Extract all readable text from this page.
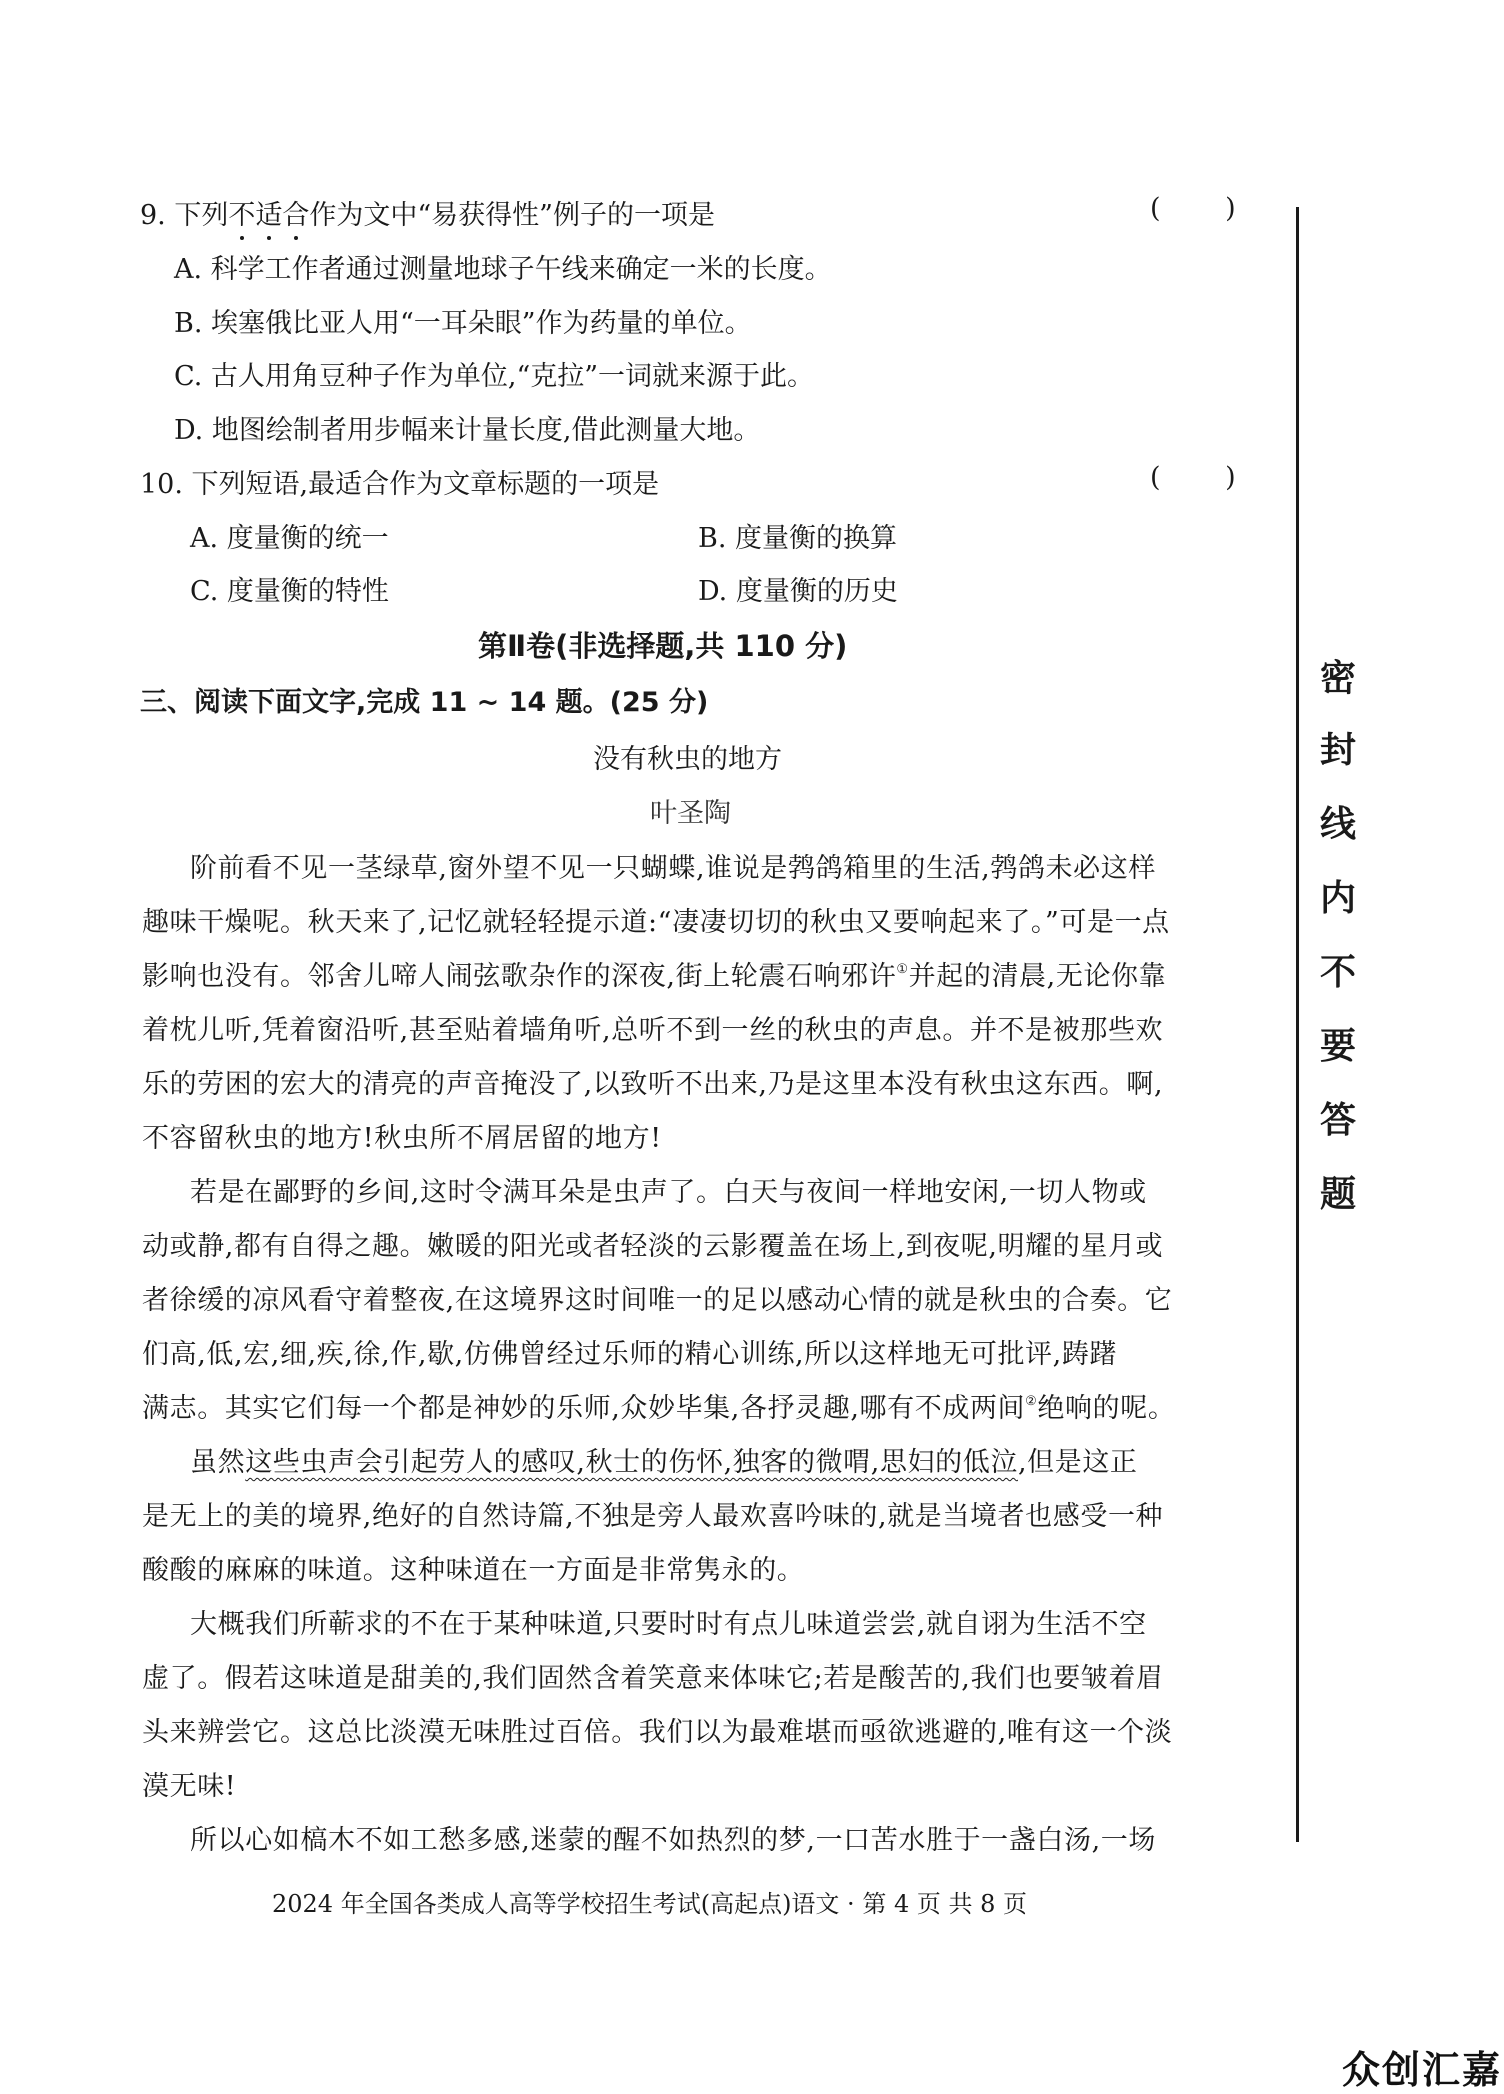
9. 下列不适合作为文中“易获得性”例子的一项是	( )
A. 科学工作者通过测量地球子午线来确定一米的长度。
B. 埃塞俄比亚人用“一耳朵眼”作为药量的单位。
C. 古人用角豆种子作为单位,“克拉”一词就来源于此。
D. 地图绘制者用步幅来计量长度,借此测量大地。
10. 下列短语,最适合作为文章标题的一项是	( )
A. 度量衡的统一	B. 度量衡的换算
C. 度量衡的特性	D. 度量衡的历史
第Ⅱ卷(非选择题,共 110 分)
三、阅读下面文字,完成 11 ~ 14 题。(25 分)
没有秋虫的地方
叶圣陶
阶前看不见一茎绿草,窗外望不见一只蝴蝶,谁说是鹁鸽箱里的生活,鹁鸽未必这样
趣味干燥呢。秋天来了,记忆就轻轻提示道:“凄凄切切的秋虫又要响起来了。”可是一点
影响也没有。邻舍儿啼人闹弦歌杂作的深夜,街上轮震石响邪许①并起的清晨,无论你靠
着枕儿听,凭着窗沿听,甚至贴着墙角听,总听不到一丝的秋虫的声息。并不是被那些欢
乐的劳困的宏大的清亮的声音掩没了,以致听不出来,乃是这里本没有秋虫这东西。啊,
不容留秋虫的地方!秋虫所不屑居留的地方!
若是在鄙野的乡间,这时令满耳朵是虫声了。白天与夜间一样地安闲,一切人物或
动或静,都有自得之趣。嫩暖的阳光或者轻淡的云影覆盖在场上,到夜呢,明耀的星月或
者徐缓的凉风看守着整夜,在这境界这时间唯一的足以感动心情的就是秋虫的合奏。它
们高,低,宏,细,疾,徐,作,歇,仿佛曾经过乐师的精心训练,所以这样地无可批评,踌躇
满志。其实它们每一个都是神妙的乐师,众妙毕集,各抒灵趣,哪有不成两间②绝响的呢。
虽然这些虫声会引起劳人的感叹,秋士的伤怀,独客的微喟,思妇的低泣,但是这正
是无上的美的境界,绝好的自然诗篇,不独是旁人最欢喜吟味的,就是当境者也感受一种
酸酸的麻麻的味道。这种味道在一方面是非常隽永的。
大概我们所蕲求的不在于某种味道,只要时时有点儿味道尝尝,就自诩为生活不空
虚了。假若这味道是甜美的,我们固然含着笑意来体味它;若是酸苦的,我们也要皱着眉
头来辨尝它。这总比淡漠无味胜过百倍。我们以为最难堪而亟欲逃避的,唯有这一个淡
漠无味!
所以心如槁木不如工愁多感,迷蒙的醒不如热烈的梦,一口苦水胜于一盏白汤,一场
密
封
线
内
不
要
答
题
2024 年全国各类成人高等学校招生考试(高起点)语文 · 第 4 页 共 8 页
众创汇嘉
